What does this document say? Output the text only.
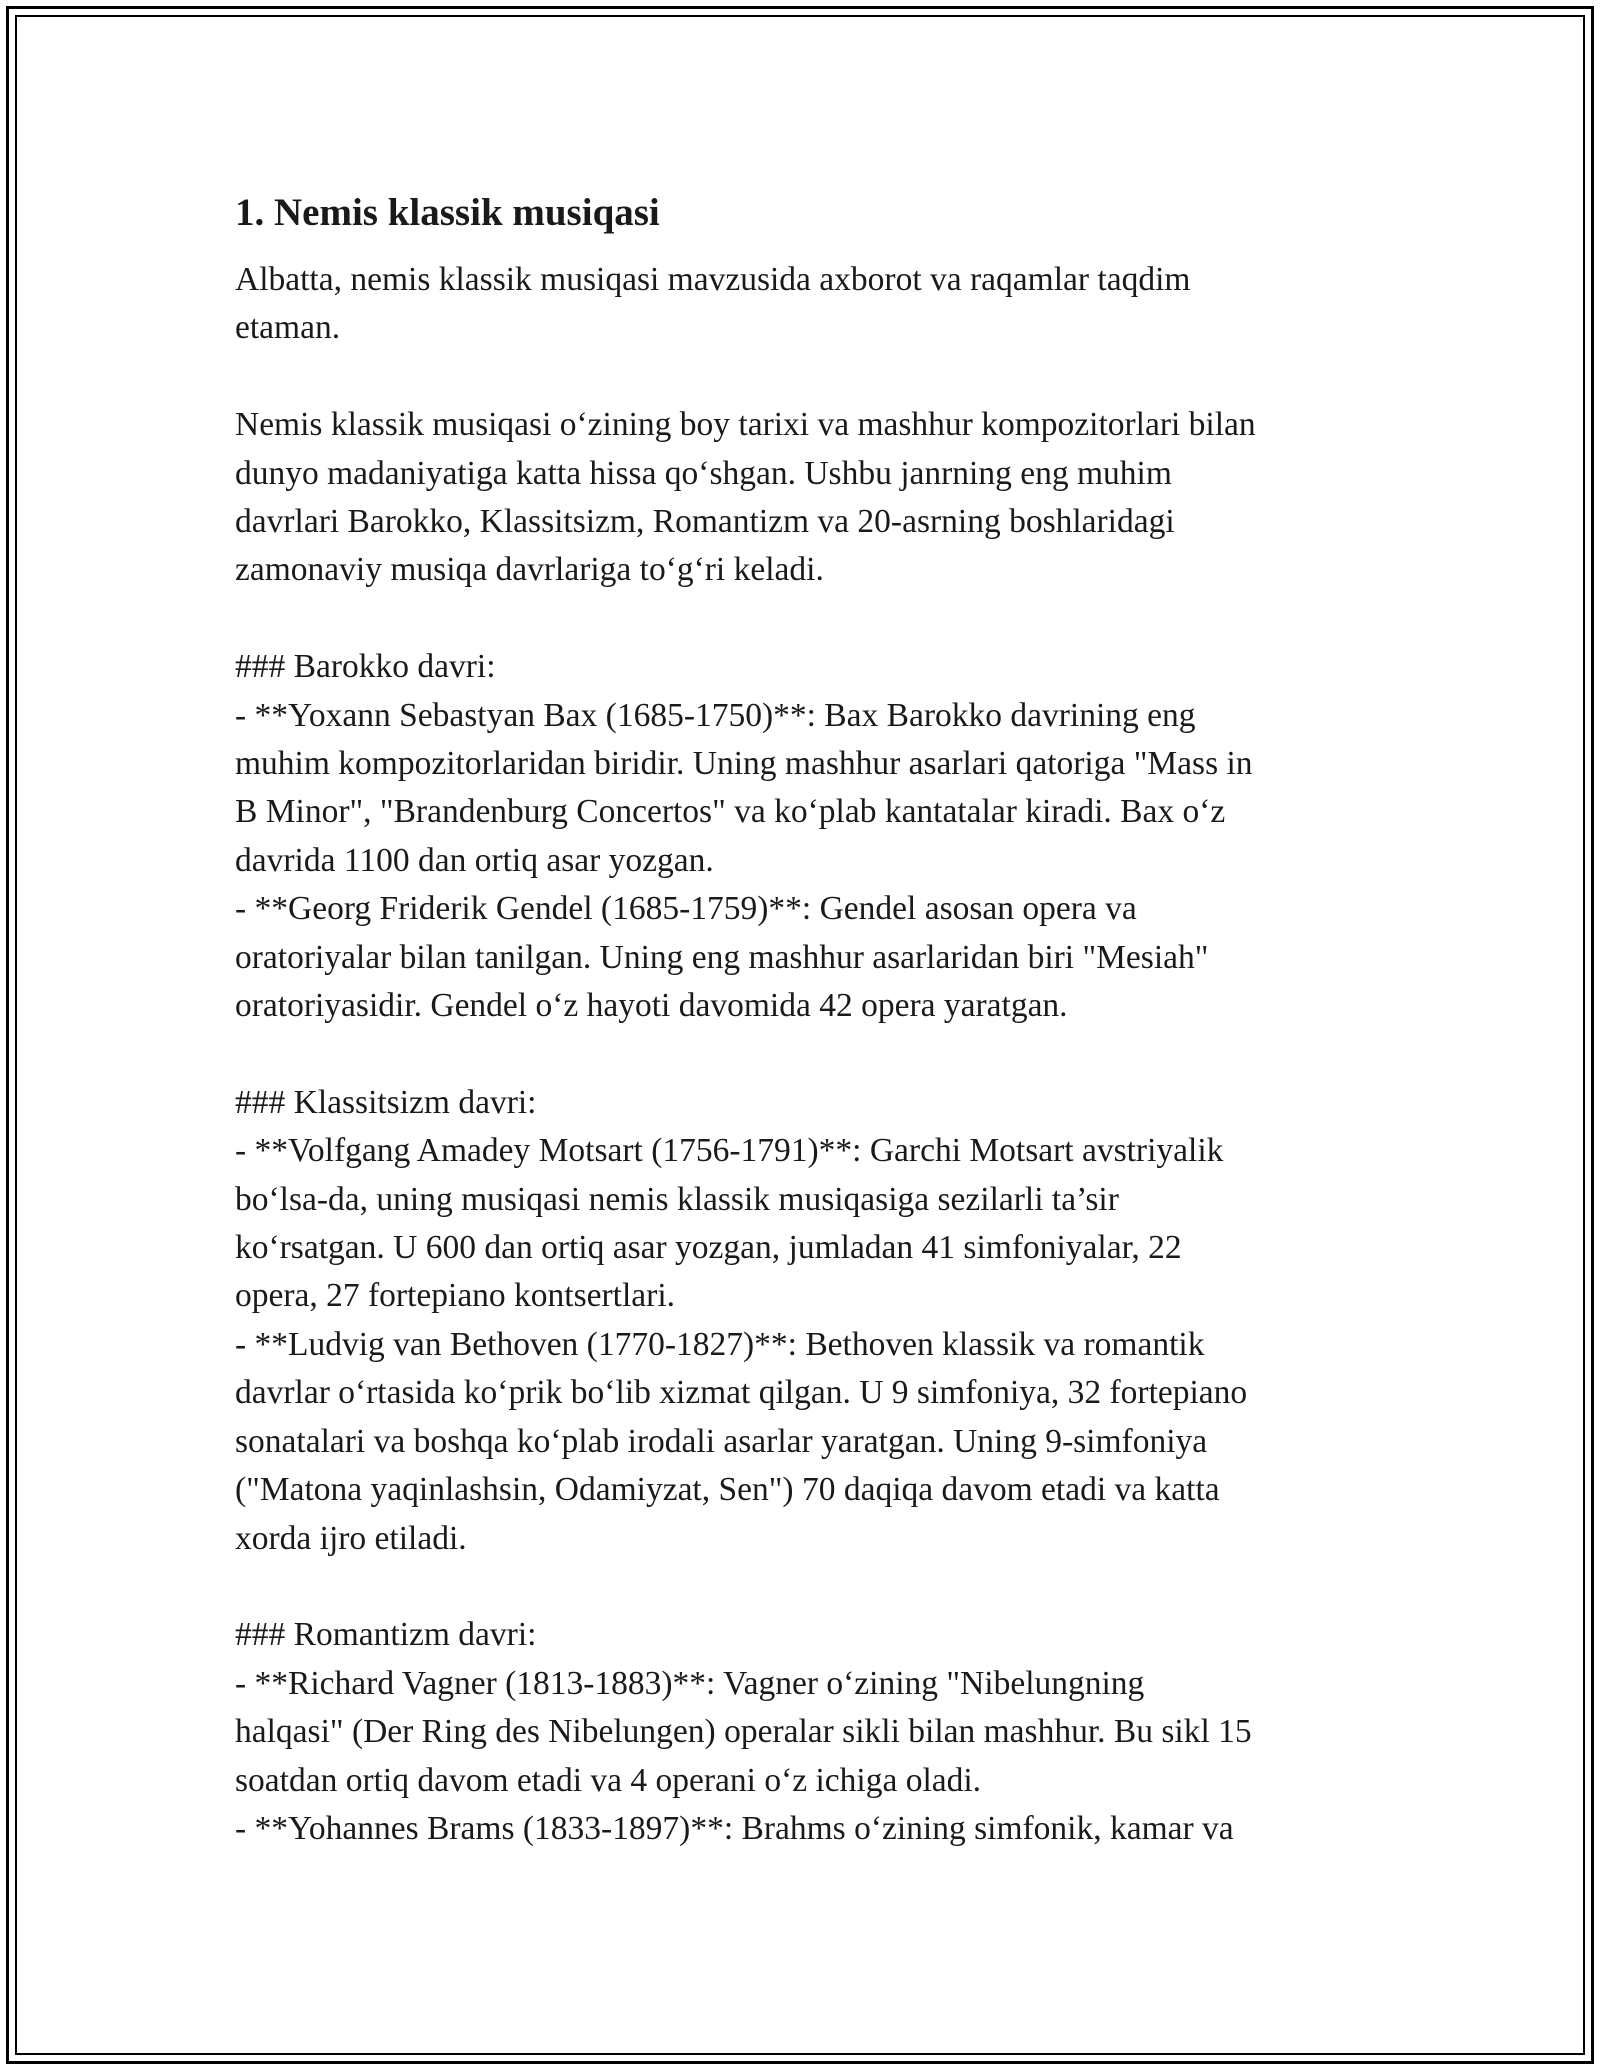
1. Nemis klassik musiqasi

Albatta, nemis klassik musiqasi mavzusida axborot va raqamlar taqdim

etaman.

Nemis klassik musiqasi o‘zining boy tarixi va mashhur kompozitorlari bilan

dunyo madaniyatiga katta hissa qo‘shgan. Ushbu janrning eng muhim

davrlari Barokko, Klassitsizm, Romantizm va 20-asrning boshlaridagi

zamonaviy musiqa davrlariga to‘g‘ri keladi.

### Barokko davri:

- **Yoxann Sebastyan Bax (1685-1750)**: Bax Barokko davrining eng

muhim kompozitorlaridan biridir. Uning mashhur asarlari qatoriga "Mass in

B Minor", "Brandenburg Concertos" va ko‘plab kantatalar kiradi. Bax o‘z

davrida 1100 dan ortiq asar yozgan.

- **Georg Friderik Gendel (1685-1759)**: Gendel asosan opera va

oratoriyalar bilan tanilgan. Uning eng mashhur asarlaridan biri "Mesiah"

oratoriyasidir. Gendel o‘z hayoti davomida 42 opera yaratgan.

### Klassitsizm davri:

- **Volfgang Amadey Motsart (1756-1791)**: Garchi Motsart avstriyalik

bo‘lsa-da, uning musiqasi nemis klassik musiqasiga sezilarli ta’sir

ko‘rsatgan. U 600 dan ortiq asar yozgan, jumladan 41 simfoniyalar, 22

opera, 27 fortepiano kontsertlari.

- **Ludvig van Bethoven (1770-1827)**: Bethoven klassik va romantik

davrlar o‘rtasida ko‘prik bo‘lib xizmat qilgan. U 9 simfoniya, 32 fortepiano

sonatalari va boshqa ko‘plab irodali asarlar yaratgan. Uning 9-simfoniya

("Matona yaqinlashsin, Odamiyzat, Sen") 70 daqiqa davom etadi va katta

xorda ijro etiladi.

### Romantizm davri:

- **Richard Vagner (1813-1883)**: Vagner o‘zining "Nibelungning

halqasi" (Der Ring des Nibelungen) operalar sikli bilan mashhur. Bu sikl 15

soatdan ortiq davom etadi va 4 operani o‘z ichiga oladi.

- **Yohannes Brams (1833-1897)**: Brahms o‘zining simfonik, kamar va
